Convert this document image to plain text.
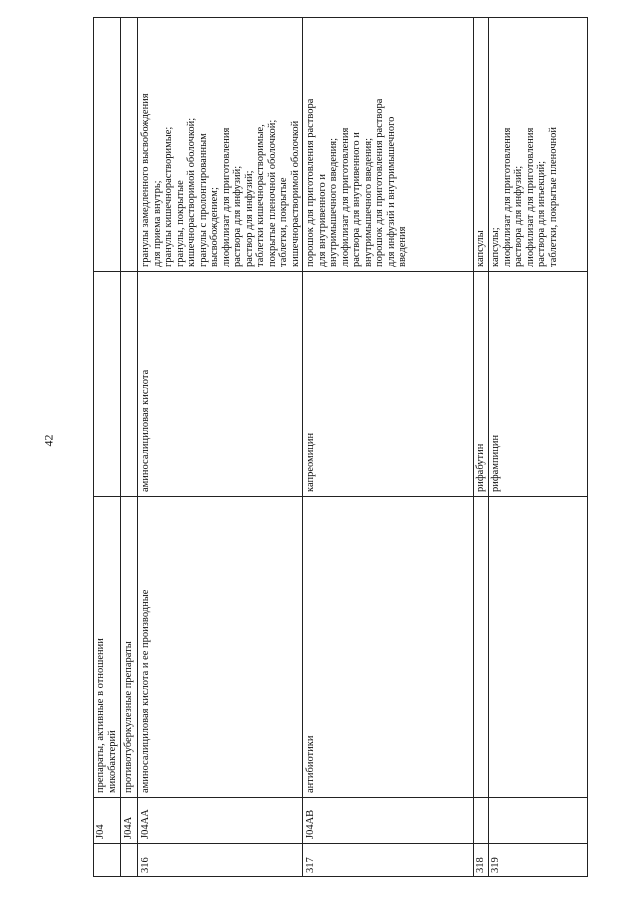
42
J04
препараты, активные в отношении
микобактерий
J04A
противотуберкулезные препараты
316
J04AA
аминосалициловая кислота и ее производные
аминосалициловая кислота
гранулы замедленного высвобождения
для приема внутрь;
гранулы кишечнорастворимые;
гранулы, покрытые
кишечнорастворимой оболочкой;
гранулы с пролонгированным
высвобождением;
лиофилизат для приготовления
раствора для инфузий;
раствор для инфузий;
таблетки кишечнорастворимые,
покрытые пленочной оболочкой;
таблетки, покрытые
кишечнорастворимой оболочкой
317
J04AB
антибиотики
капреомицин
порошок для приготовления раствора
для внутривенного и
внутримышечного введения;
лиофилизат для приготовления
раствора для внутривенного и
внутримышечного введения;
порошок для приготовления раствора
для инфузий и внутримышечного
введения
318
рифабутин
капсулы
319
рифампицин
капсулы;
лиофилизат для приготовления
раствора для инфузий;
лиофилизат для приготовления
раствора для инъекций;
таблетки, покрытые пленочной
